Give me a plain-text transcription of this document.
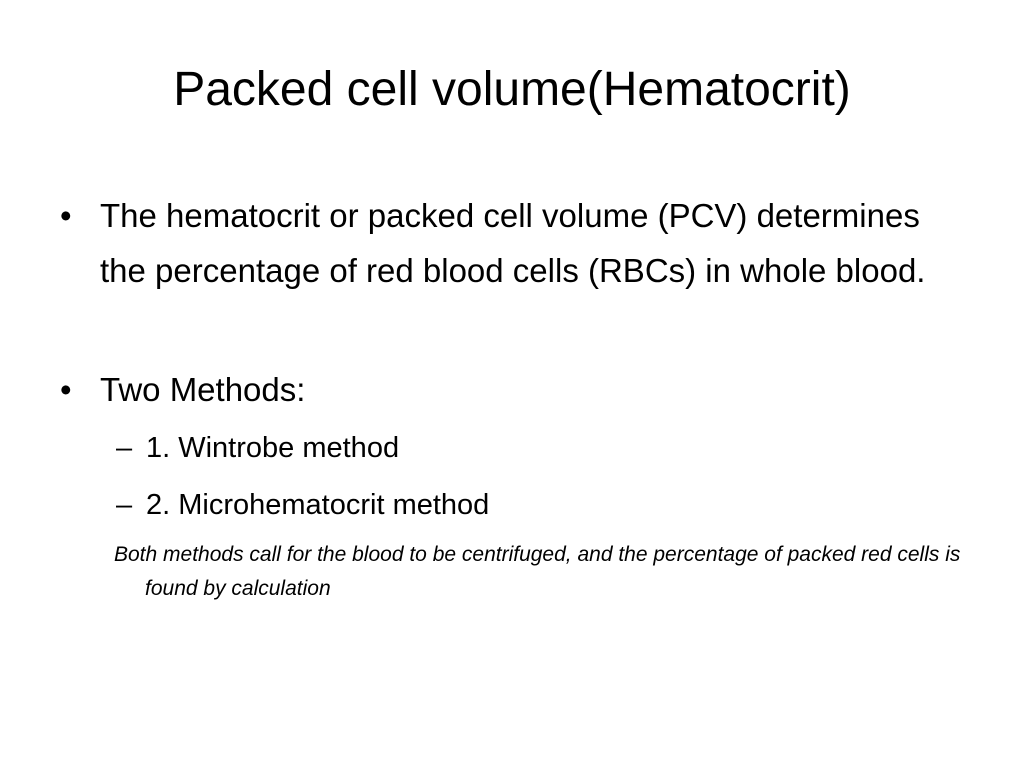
Packed cell volume(Hematocrit)
• The hematocrit or packed cell volume (PCV) determines the percentage of red blood cells (RBCs) in whole blood.
• Two Methods:
– 1. Wintrobe method
– 2. Microhematocrit method
Both methods call for the blood to be centrifuged, and the percentage of packed red cells is found by calculation
